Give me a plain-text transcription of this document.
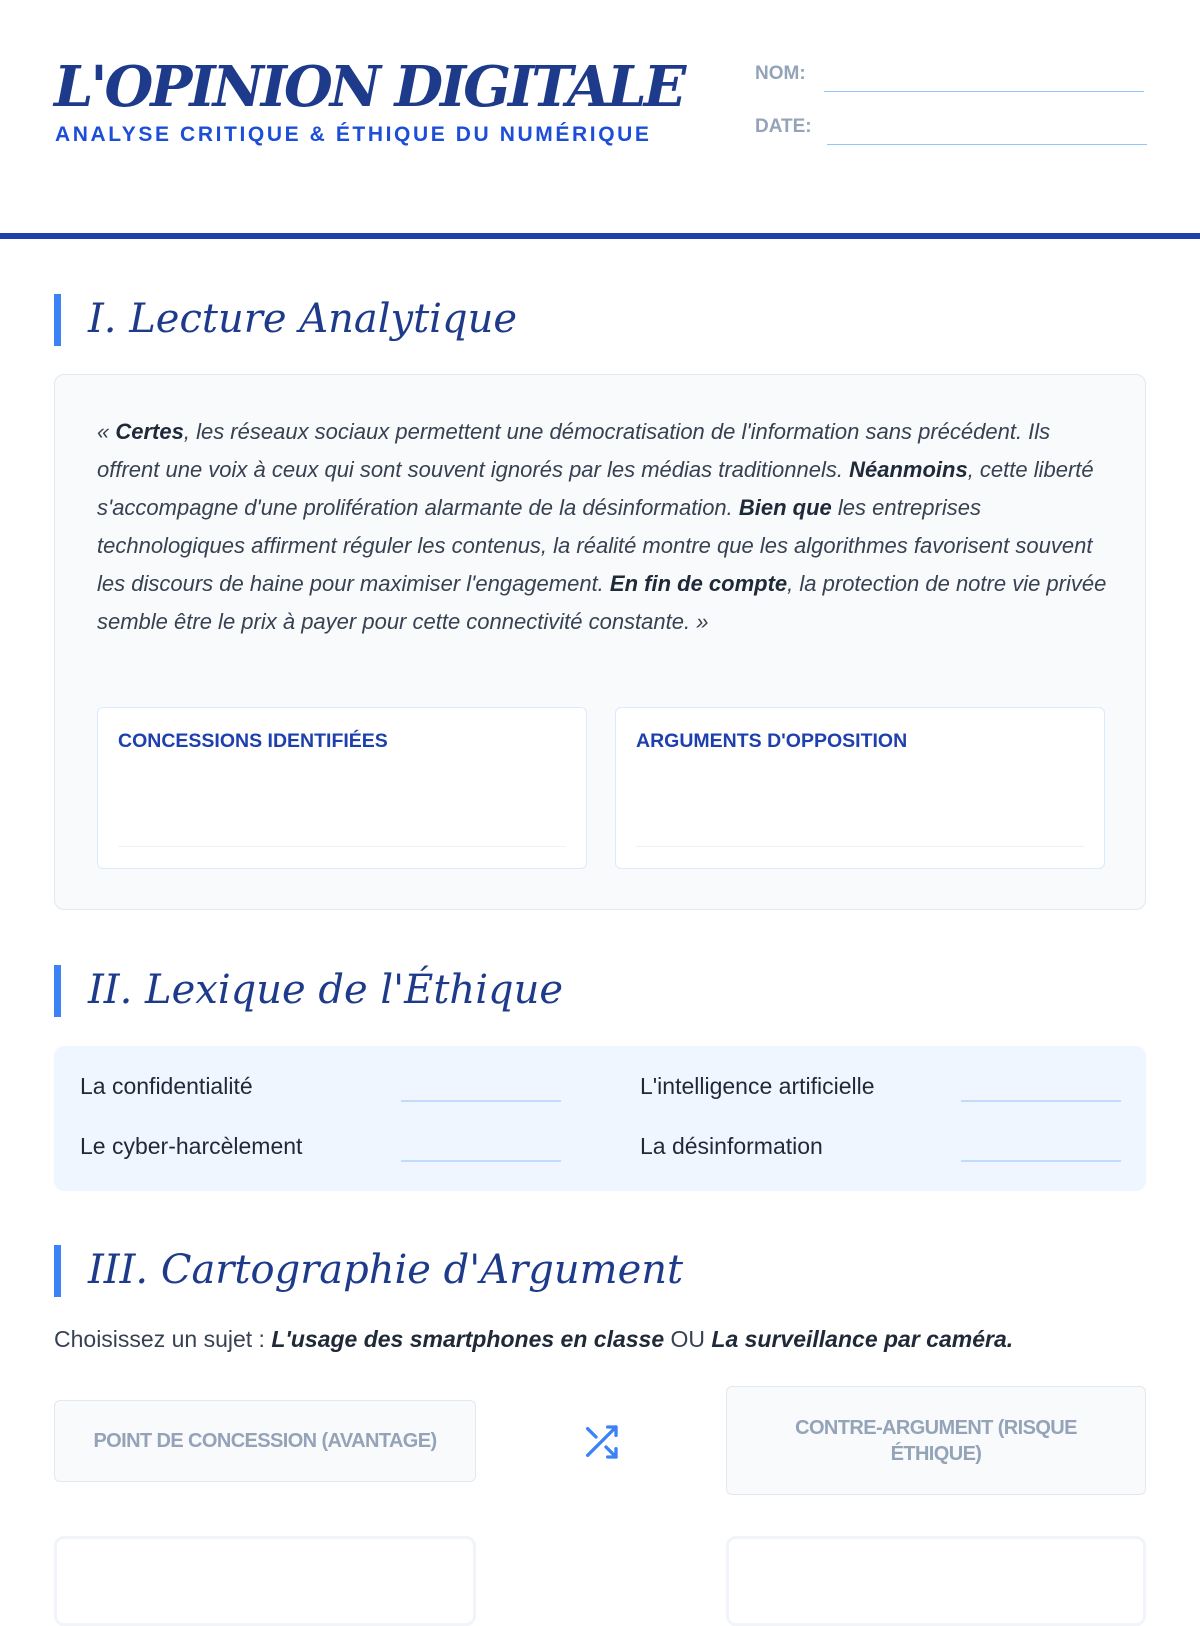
L'OPINION DIGITALE
ANALYSE CRITIQUE & ÉTHIQUE DU NUMÉRIQUE
NOM:
DATE:
I. Lecture Analytique

« Certes, les réseaux sociaux permettent une démocratisation de l'information sans précédent. Ils offrent une voix à ceux qui sont souvent ignorés par les médias traditionnels. Néanmoins, cette liberté s'accompagne d'une prolifération alarmante de la désinformation. Bien que les entreprises technologiques affirment réguler les contenus, la réalité montre que les algorithmes favorisent souvent les discours de haine pour maximiser l'engagement. En fin de compte, la protection de notre vie privée semble être le prix à payer pour cette connectivité constante. »

CONCESSIONS IDENTIFIÉES	ARGUMENTS D'OPPOSITION
II. Lexique de l'Éthique
La confidentialité	L'intelligence artificielle
Le cyber-harcèlement	La désinformation
III. Cartographie d'Argument
Choisissez un sujet : L'usage des smartphones en classe OU La surveillance par caméra.
POINT DE CONCESSION (AVANTAGE)
CONTRE-ARGUMENT (RISQUE ÉTHIQUE)
